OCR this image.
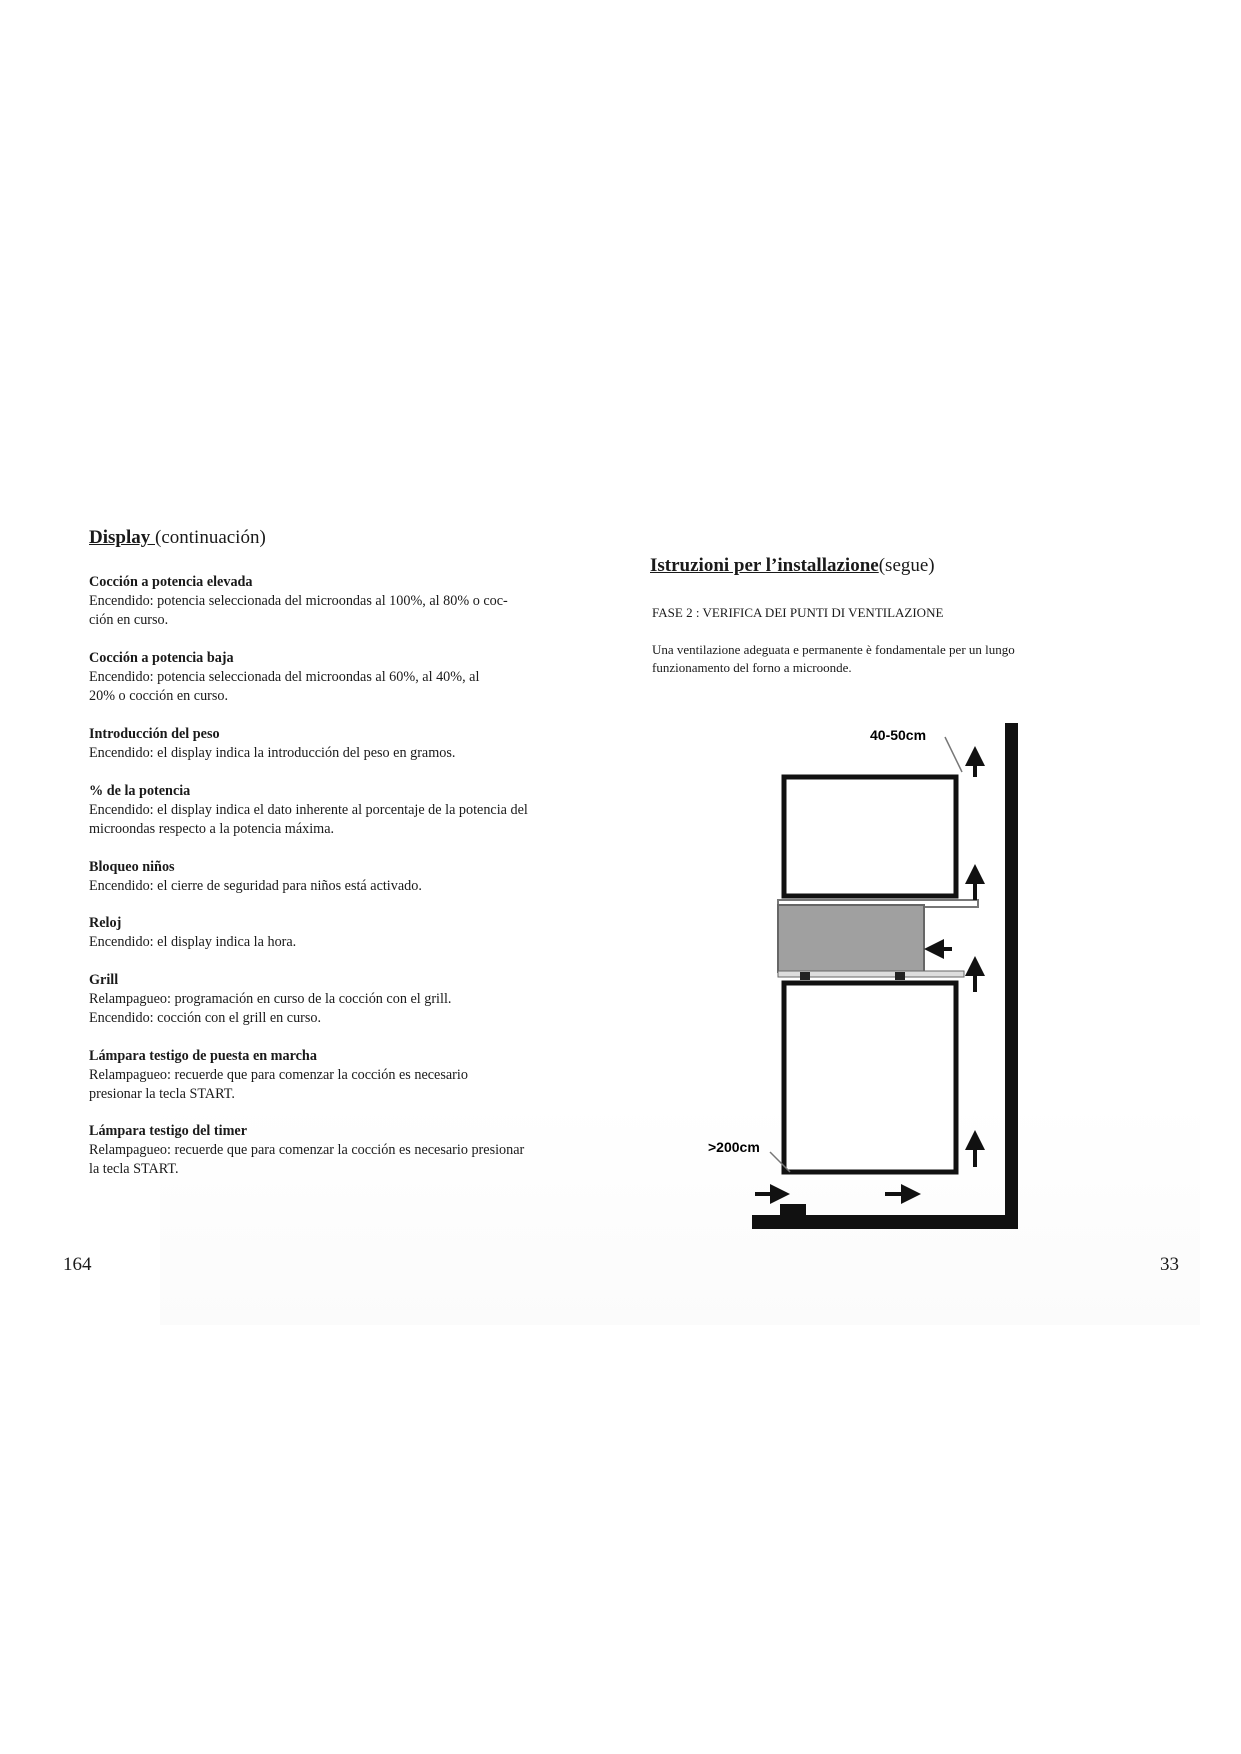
Display (continuación)
Cocción a potencia elevada
Encendido: potencia seleccionada del microondas al 100%, al 80% o coc-
ción en curso.
Cocción a potencia baja
Encendido: potencia seleccionada del microondas al 60%, al 40%, al
20% o cocción en curso.
Introducción del peso
Encendido: el display indica la introducción del peso en gramos.
% de la potencia
Encendido: el display indica el dato inherente al porcentaje de la potencia del
microondas respecto a la potencia máxima.
Bloqueo niños
Encendido: el cierre de seguridad para niños está activado.
Reloj
Encendido: el display indica la hora.
Grill
Relampagueo: programación en curso de la cocción con el grill.
Encendido: cocción con el grill en curso.
Lámpara testigo de puesta en marcha
Relampagueo: recuerde que para comenzar la cocción es necesario
presionar la tecla START.
Lámpara testigo del timer
Relampagueo: recuerde que para comenzar la cocción es necesario presionar
la tecla START.
164	33
Istruzioni per l’installazione(segue)
FASE 2 : VERIFICA DEI PUNTI DI VENTILAZIONE
Una ventilazione adeguata e permanente è fondamentale per un lungo
funzionamento del forno a microonde.
40-50cm
>200cm
